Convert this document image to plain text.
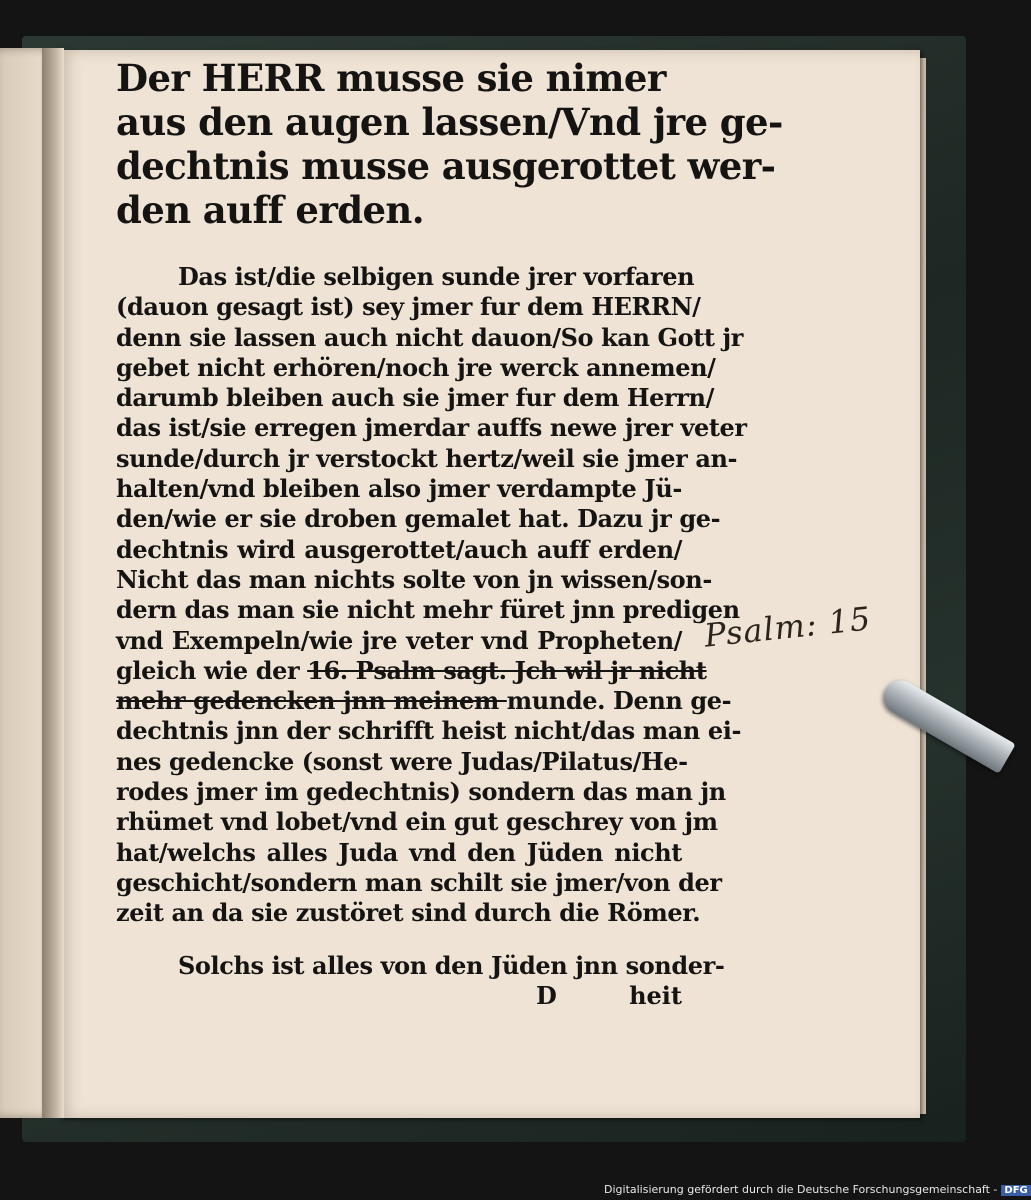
Der HERR musse sie nimer
aus den augen lassen/Vnd jre ge-
dechtnis musse ausgerottet wer-
den auff erden.
Das ist/die selbigen sunde jrer vorfaren
(dauon gesagt ist) sey jmer fur dem HERRN/
denn sie lassen auch nicht dauon/So kan Gott jr
gebet nicht erhören/noch jre werck annemen/
darumb bleiben auch sie jmer fur dem Herrn/
das ist/sie erregen jmerdar auffs newe jrer veter
sunde/durch jr verstockt hertz/weil sie jmer an-
halten/vnd bleiben also jmer verdampte Jü-
den/wie er sie droben gemalet hat. Dazu jr ge-
dechtnis wird ausgerottet/auch auff erden/
Nicht das man nichts solte von jn wissen/son-
dern das man sie nicht mehr füret jnn predigen
vnd Exempeln/wie jre veter vnd Propheten/
gleich wie der 16. Psalm sagt. Jch wil jr nicht
mehr gedencken jnn meinem munde. Denn ge-
dechtnis jnn der schrifft heist nicht/das man ei-
nes gedencke (sonst were Judas/Pilatus/He-
rodes jmer im gedechtnis) sondern das man jn
rhümet vnd lobet/vnd ein gut geschrey von jm
hat/welchs alles Juda vnd den Jüden nicht
geschicht/sondern man schilt sie jmer/von der
zeit an da sie zustöret sind durch die Römer.
Solchs ist alles von den Jüden jnn sonder-
D	heit
Psalm: 15
Digitalisierung gefördert durch die Deutsche Forschungsgemeinschaft - DFG
